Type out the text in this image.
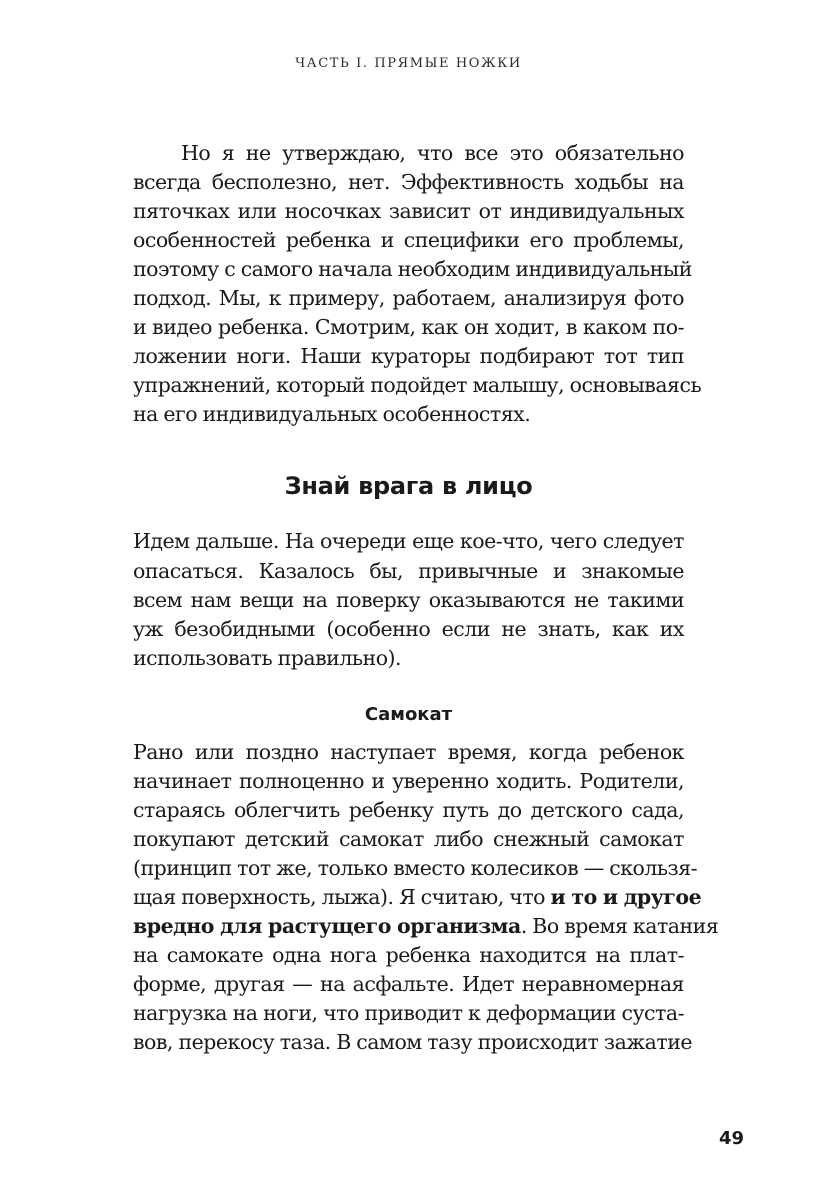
ЧАСТЬ I. ПРЯМЫЕ НОЖКИ
Но я не утверждаю, что все это обязательно
всегда бесполезно, нет. Эффективность ходьбы на
пяточках или носочках зависит от индивидуальных
особенностей ребенка и специфики его проблемы,
поэтому с самого начала необходим индивидуальный
подход. Мы, к примеру, работаем, анализируя фото
и видео ребенка. Смотрим, как он ходит, в каком по-
ложении ноги. Наши кураторы подбирают тот тип
упражнений, который подойдет малышу, основываясь
на его индивидуальных особенностях.
Знай врага в лицо
Идем дальше. На очереди еще кое-что, чего следует
опасаться. Казалось бы, привычные и знакомые
всем нам вещи на поверку оказываются не такими
уж безобидными (особенно если не знать, как их
использовать правильно).
Самокат
Рано или поздно наступает время, когда ребенок
начинает полноценно и уверенно ходить. Родители,
стараясь облегчить ребенку путь до детского сада,
покупают детский самокат либо снежный самокат
(принцип тот же, только вместо колесиков — скользя-
щая поверхность, лыжа). Я считаю, что и то и другое
вредно для растущего организма. Во время катания
на самокате одна нога ребенка находится на плат-
форме, другая — на асфальте. Идет неравномерная
нагрузка на ноги, что приводит к деформации суста-
вов, перекосу таза. В самом тазу происходит зажатие
49
